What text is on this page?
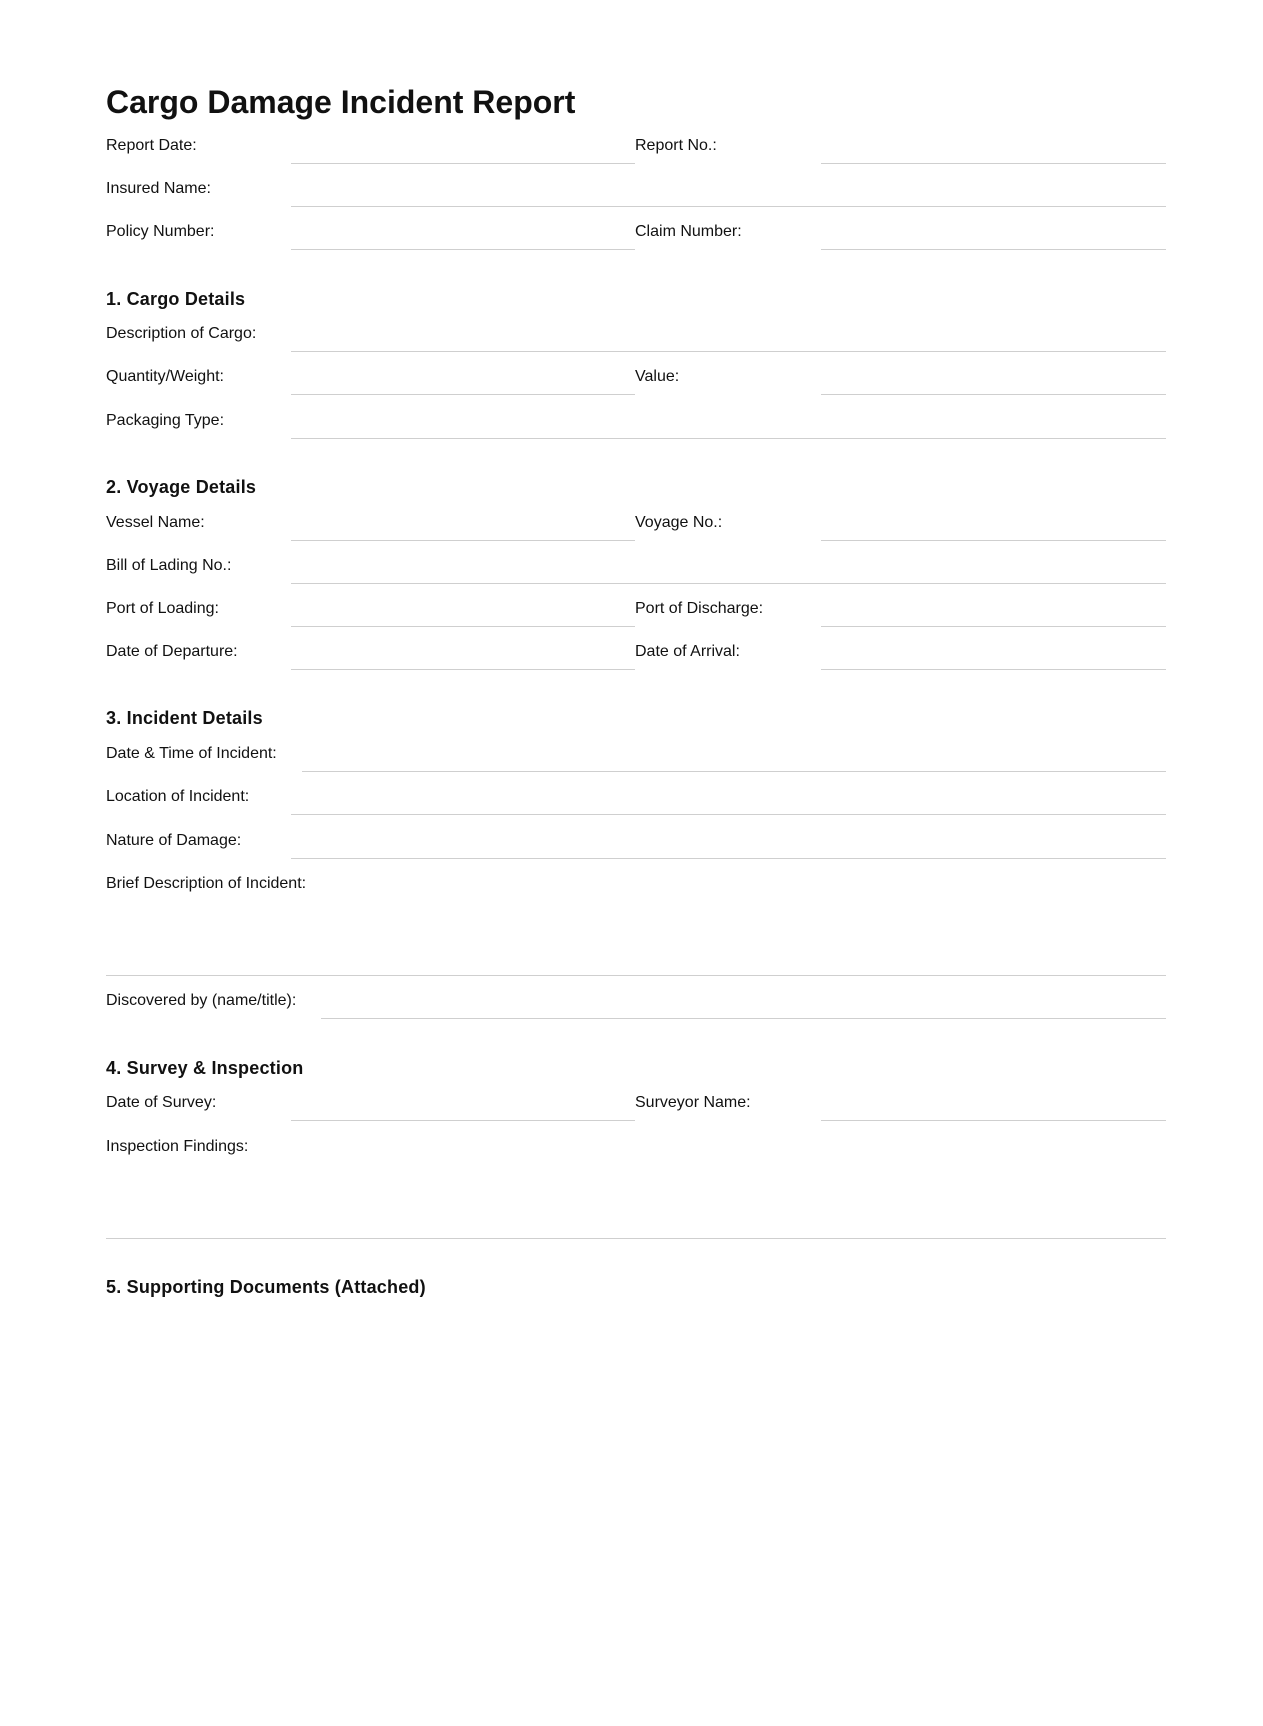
Cargo Damage Incident Report
Report Date:	Report No.:
Insured Name:
Policy Number:	Claim Number:
1. Cargo Details
Description of Cargo:
Quantity/Weight:	Value:
Packaging Type:
2. Voyage Details
Vessel Name:	Voyage No.:
Bill of Lading No.:
Port of Loading:	Port of Discharge:
Date of Departure:	Date of Arrival:
3. Incident Details
Date & Time of Incident:
Location of Incident:
Nature of Damage:
Brief Description of Incident:
Discovered by (name/title):
4. Survey & Inspection
Date of Survey:	Surveyor Name:
Inspection Findings:
5. Supporting Documents (Attached)
